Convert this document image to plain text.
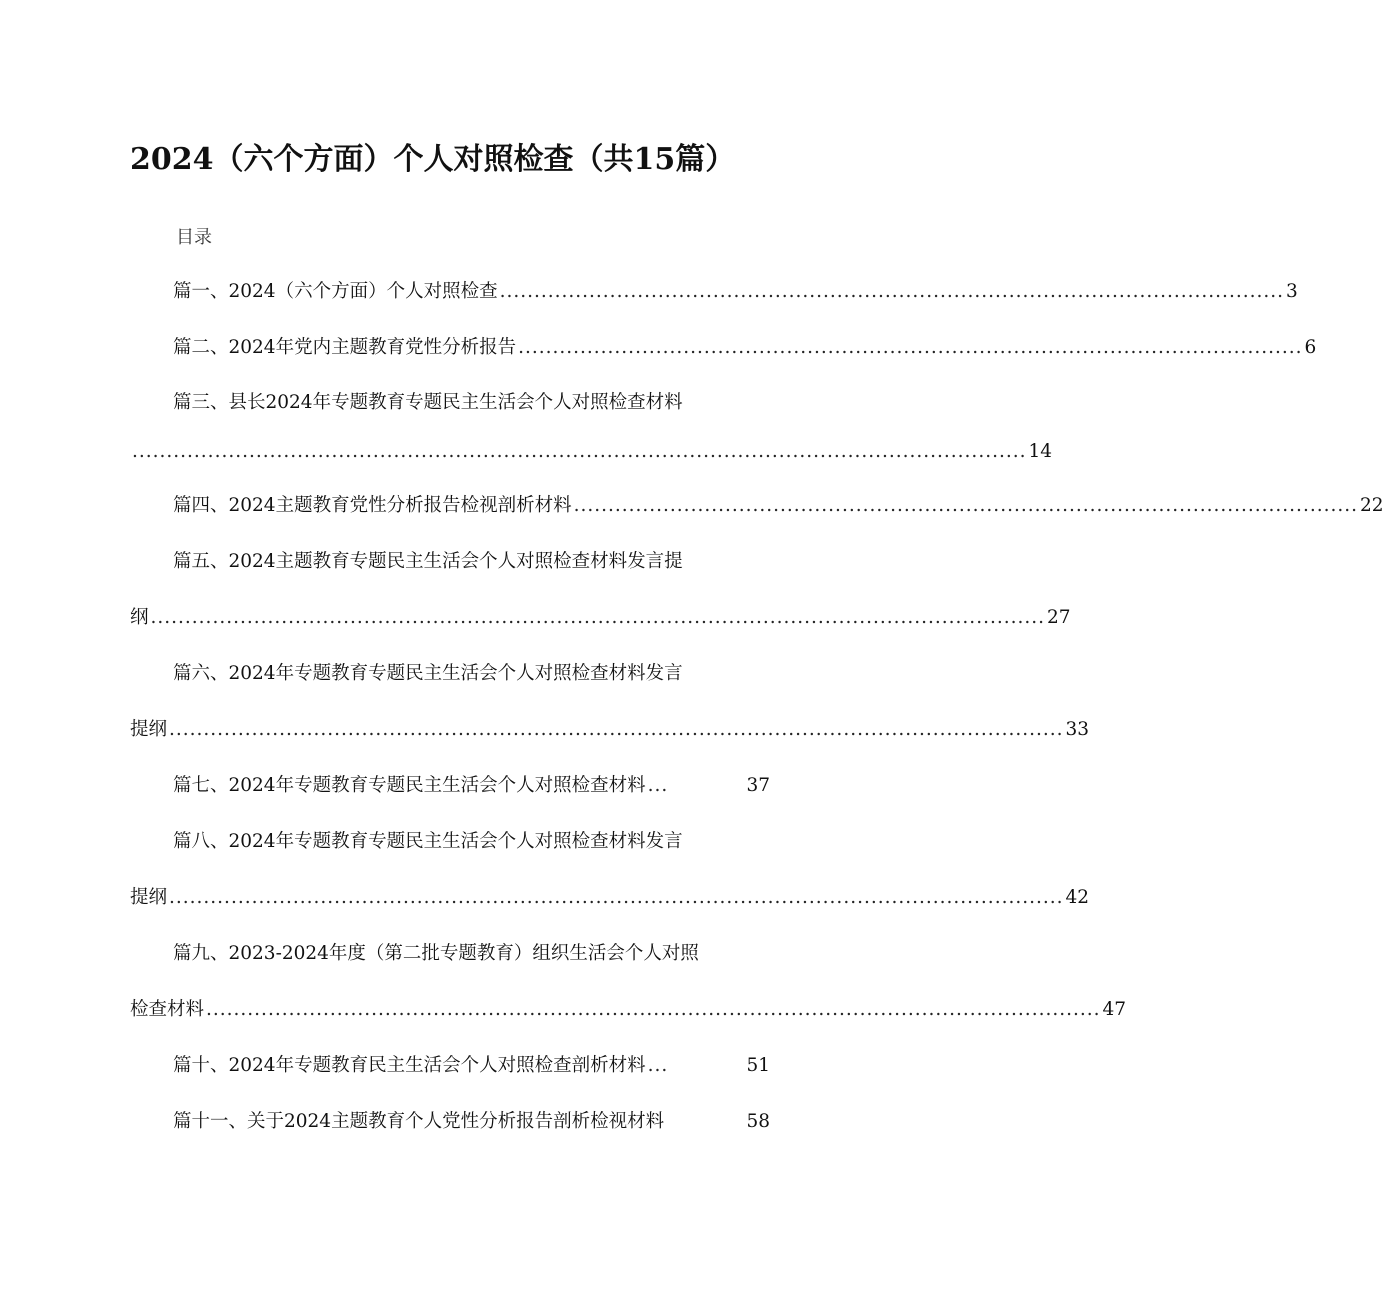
2024（六个方面）个人对照检查（共15篇）
目录
篇一、2024（六个方面）个人对照检查 .................................................................................................................. 3
篇二、2024年党内主题教育党性分析报告 .................................................................................................................. 6
篇三、县长2024年专题教育专题民主生活会个人对照检查材料
.................................................................................................................................. 14
篇四、2024主题教育党性分析报告检视剖析材料 .................................................................................................................. 22
篇五、2024主题教育专题民主生活会个人对照检查材料发言提
纲 .................................................................................................................................. 27
篇六、2024年专题教育专题民主生活会个人对照检查材料发言
提纲 .................................................................................................................................. 33
篇七、2024年专题教育专题民主生活会个人对照检查材料 ...	37
篇八、2024年专题教育专题民主生活会个人对照检查材料发言
提纲 .................................................................................................................................. 42
篇九、2023-2024年度（第二批专题教育）组织生活会个人对照
检查材料 .................................................................................................................................. 47
篇十、2024年专题教育民主生活会个人对照检查剖析材料 ...	51
篇十一、关于2024主题教育个人党性分析报告剖析检视材料	58
